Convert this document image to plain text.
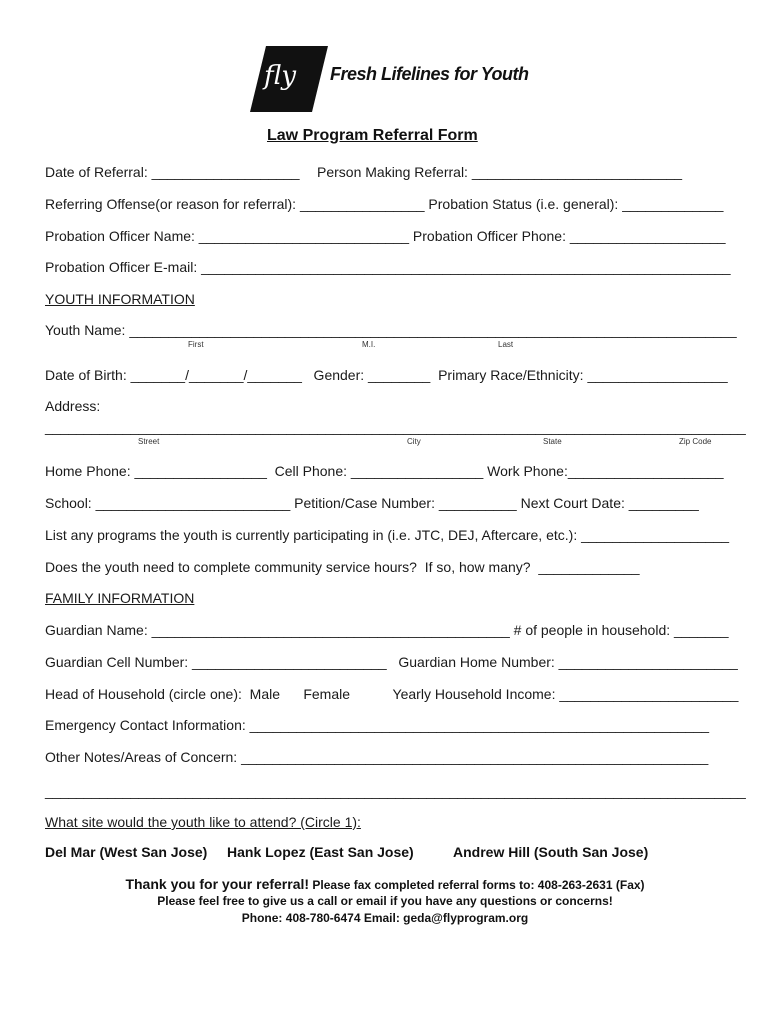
fly Fresh Lifelines for Youth
Law Program Referral Form
Date of Referral: ___________________ Person Making Referral: ___________________________
Referring Offense(or reason for referral): ________________ Probation Status (i.e. general): _____________
Probation Officer Name: ___________________________ Probation Officer Phone: ____________________
Probation Officer E-mail: ____________________________________________________________________
YOUTH INFORMATION
Youth Name: ______________________________________________________________________________
First	M.I.	Last
Date of Birth: _______/_______/_______   Gender: ________  Primary Race/Ethnicity: __________________
Address:
__________________________________________________________________________________________
Street	City	State	Zip Code
Home Phone: _________________  Cell Phone: _________________ Work Phone:____________________
School: _________________________ Petition/Case Number: __________ Next Court Date: _________
List any programs the youth is currently participating in (i.e. JTC, DEJ, Aftercare, etc.): ___________________
Does the youth need to complete community service hours?  If so, how many?  _____________
FAMILY INFORMATION
Guardian Name: ______________________________________________ # of people in household: _______
Guardian Cell Number: _________________________   Guardian Home Number: _______________________
Head of Household (circle one):  Male      Female           Yearly Household Income: _______________________
Emergency Contact Information: ___________________________________________________________
Other Notes/Areas of Concern: ____________________________________________________________
__________________________________________________________________________________________
What site would the youth like to attend? (Circle 1):
Del Mar (West San Jose) Hank Lopez (East San Jose)	Andrew Hill (South San Jose)
Thank you for your referral! Please fax completed referral forms to: 408-263-2631 (Fax)
Please feel free to give us a call or email if you have any questions or concerns!
Phone: 408-780-6474 Email: geda@flyprogram.org
